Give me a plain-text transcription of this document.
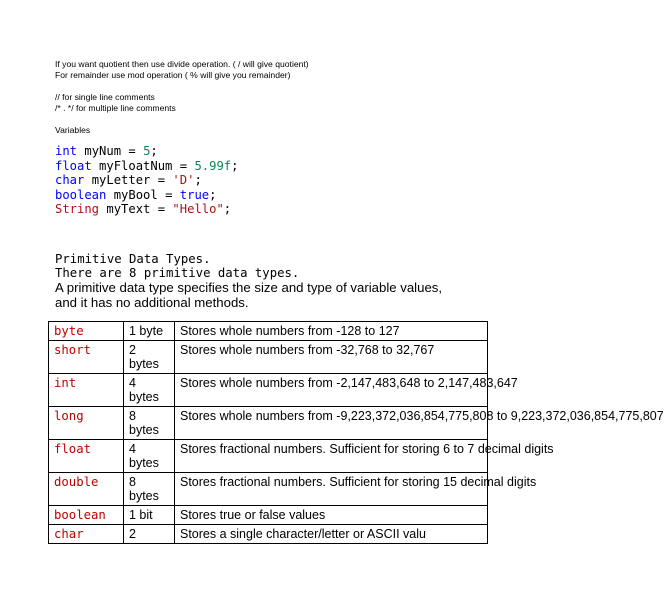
If you want quotient then use divide operation. ( / will give quotient)
For remainder use mod operation ( % will give you remainder)
// for single line comments
/* . */ for multiple line comments
Variables
int myNum = 5;
float myFloatNum = 5.99f;
char myLetter = 'D';
boolean myBool = true;
String myText = "Hello";
Primitive Data Types.
There are 8 primitive data types.
A primitive data type specifies the size and type of variable values, and it has no additional methods.
byte	1 byte	Stores whole numbers from -128 to 127
short	2 bytes	Stores whole numbers from -32,768 to 32,767
int	4 bytes	Stores whole numbers from -2,147,483,648 to 2,147,483,647
long	8 bytes	Stores whole numbers from -9,223,372,036,854,775,808 to 9,223,372,036,854,775,807
float	4 bytes	Stores fractional numbers. Sufficient for storing 6 to 7 decimal digits
double	8 bytes	Stores fractional numbers. Sufficient for storing 15 decimal digits
boolean	1 bit	Stores true or false values
char	2	Stores a single character/letter or ASCII valu
